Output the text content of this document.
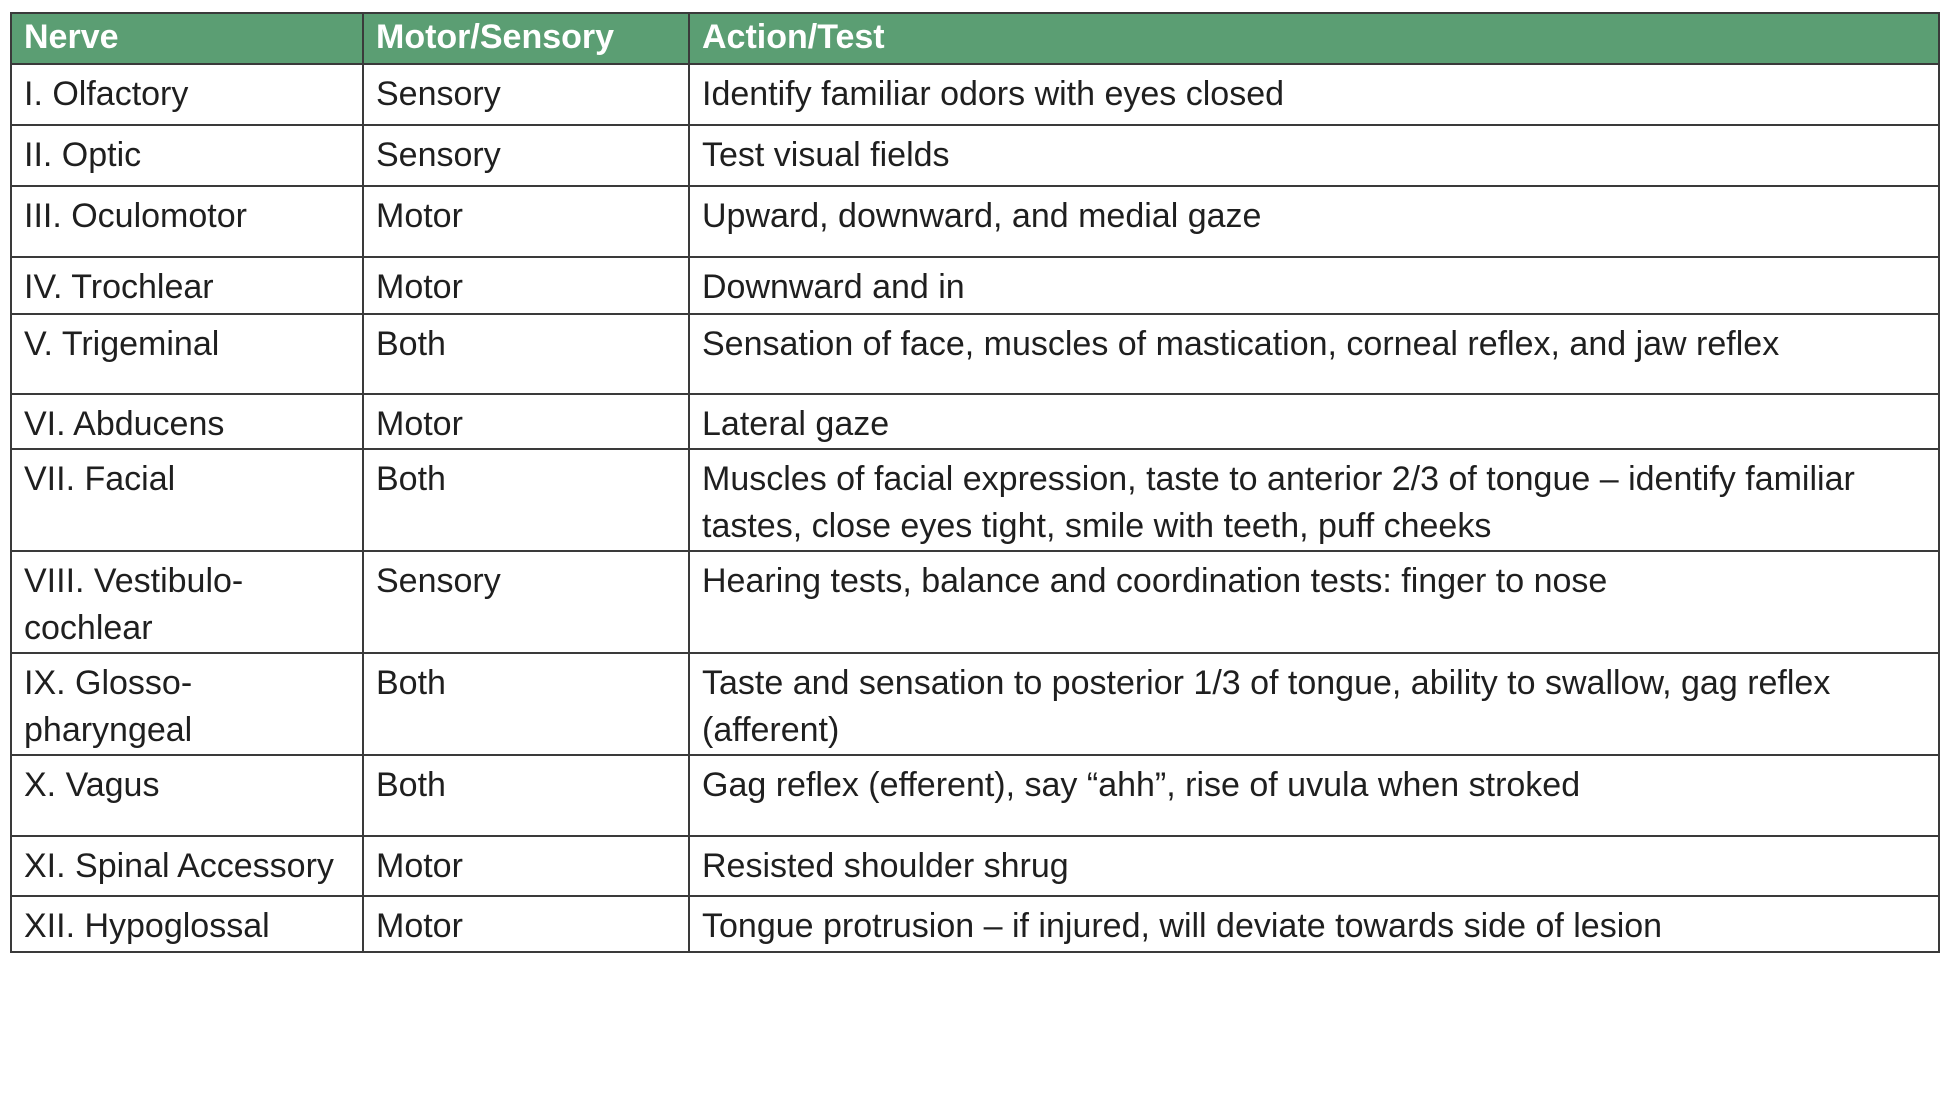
Nerve	Motor/Sensory	Action/Test
I. Olfactory	Sensory	Identify familiar odors with eyes closed
II. Optic	Sensory	Test visual fields
III. Oculomotor	Motor	Upward, downward, and medial gaze
IV. Trochlear	Motor	Downward and in
V. Trigeminal	Both	Sensation of face, muscles of mastication, corneal reflex, and jaw reflex
VI. Abducens	Motor	Lateral gaze
VII. Facial	Both	Muscles of facial expression, taste to anterior 2/3 of tongue – identify familiar tastes, close eyes tight, smile with teeth, puff cheeks
VIII. Vestibulo-cochlear	Sensory	Hearing tests, balance and coordination tests: finger to nose
IX. Glosso-pharyngeal	Both	Taste and sensation to posterior 1/3 of tongue, ability to swallow, gag reflex (afferent)
X. Vagus	Both	Gag reflex (efferent), say “ahh”, rise of uvula when stroked
XI. Spinal Accessory	Motor	Resisted shoulder shrug
XII. Hypoglossal	Motor	Tongue protrusion – if injured, will deviate towards side of lesion
